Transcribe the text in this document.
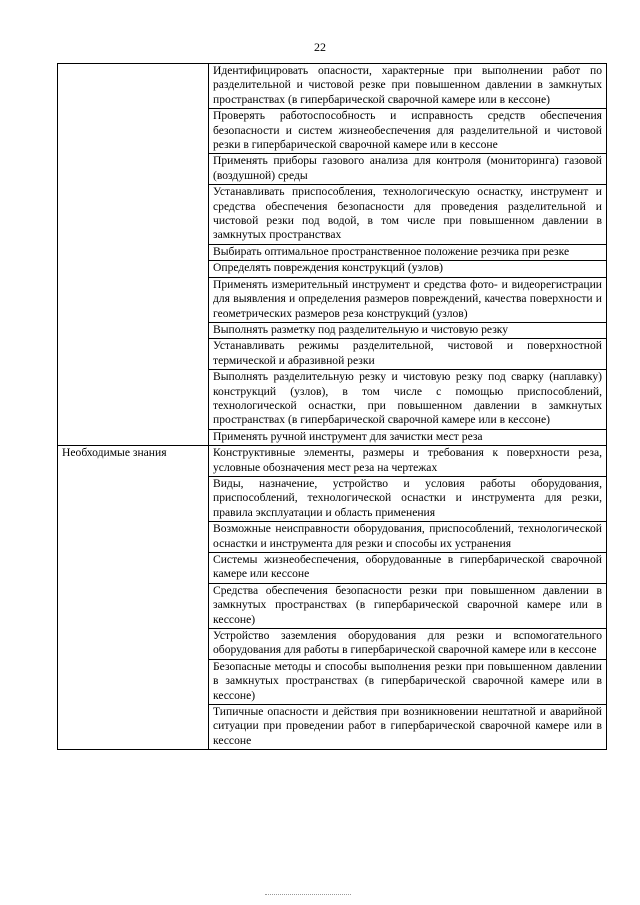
22
	Идентифицировать опасности, характерные при выполнении работ по разделительной и чистовой резке при повышенном давлении в замкнутых пространствах (в гипербарической сварочной камере или в кессоне)
	Проверять работоспособность и исправность средств обеспечения безопасности и систем жизнеобеспечения для разделительной и чистовой резки в гипербарической сварочной камере или в кессоне
	Применять приборы газового анализа для контроля (мониторинга) газовой (воздушной) среды
	Устанавливать приспособления, технологическую оснастку, инструмент и средства обеспечения безопасности для проведения разделительной и чистовой резки под водой, в том числе при повышенном давлении в замкнутых пространствах
	Выбирать оптимальное пространственное положение резчика при резке
	Определять повреждения конструкций (узлов)
	Применять измерительный инструмент и средства фото- и видеорегистрации для выявления и определения размеров повреждений, качества поверхности и геометрических размеров реза конструкций (узлов)
	Выполнять разметку под разделительную и чистовую резку
	Устанавливать режимы разделительной, чистовой и поверхностной термической и абразивной резки
	Выполнять разделительную резку и чистовую резку под сварку (наплавку) конструкций (узлов), в том числе с помощью приспособлений, технологической оснастки, при повышенном давлении в замкнутых пространствах (в гипербарической сварочной камере или в кессоне)
	Применять ручной инструмент для зачистки мест реза
Необходимые знания	Конструктивные элементы, размеры и требования к поверхности реза, условные обозначения мест реза на чертежах
	Виды, назначение, устройство и условия работы оборудования, приспособлений, технологической оснастки и инструмента для резки, правила эксплуатации и область применения
	Возможные неисправности оборудования, приспособлений, технологической оснастки и инструмента для резки и способы их устранения
	Системы жизнеобеспечения, оборудованные в гипербарической сварочной камере или кессоне
	Средства обеспечения безопасности резки при повышенном давлении в замкнутых пространствах (в гипербарической сварочной камере или в кессоне)
	Устройство заземления оборудования для резки и вспомогательного оборудования для работы в гипербарической сварочной камере или в кессоне
	Безопасные методы и способы выполнения резки при повышенном давлении в замкнутых пространствах (в гипербарической сварочной камере или в кессоне)
	Типичные опасности и действия при возникновении нештатной и аварийной ситуации при проведении работ в гипербарической сварочной камере или в кессоне
